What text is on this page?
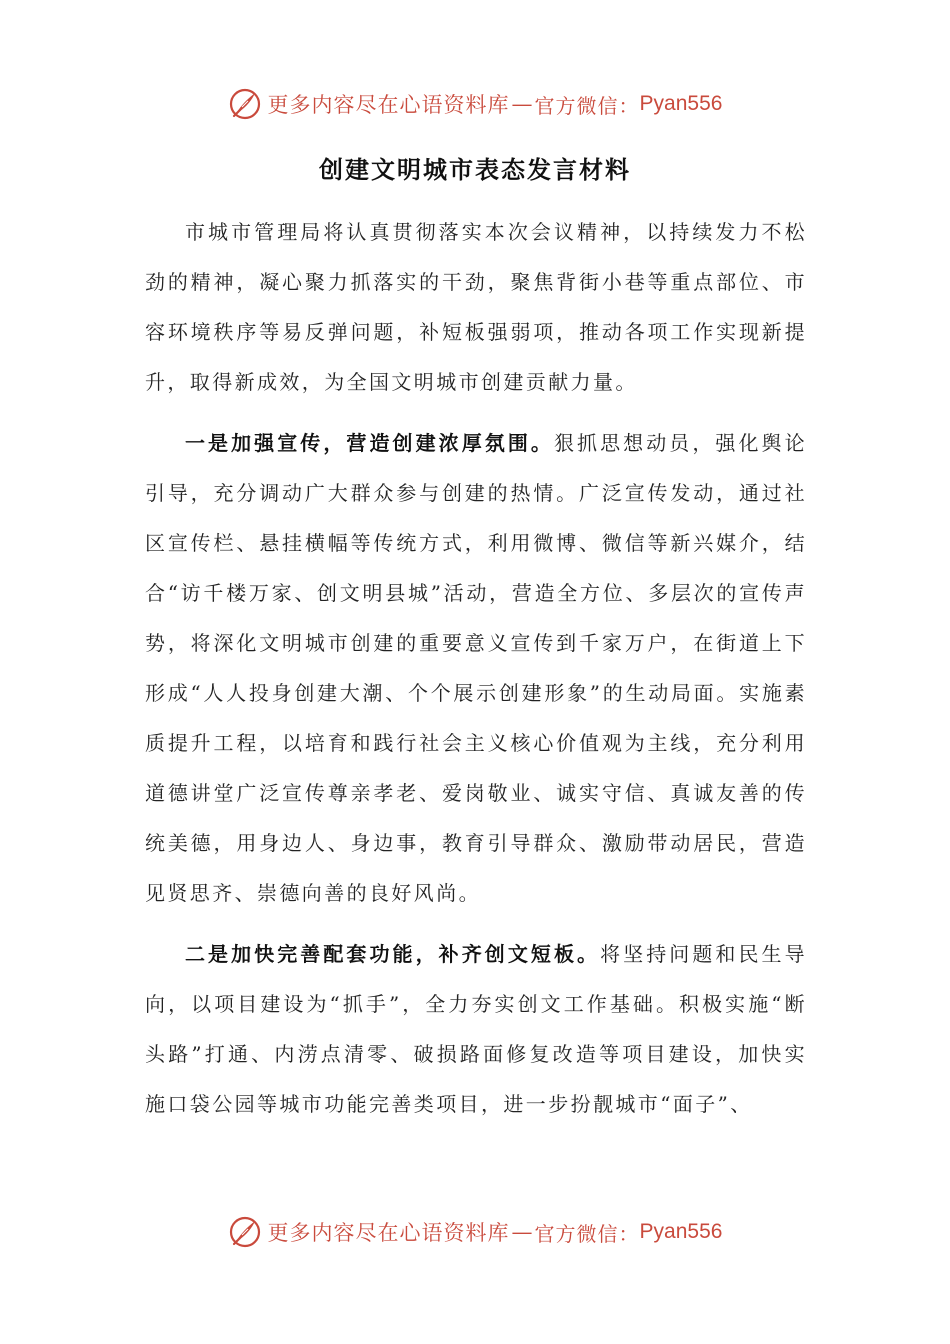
更多内容尽在心语资料库 — 官方微信： Pyan556
创建文明城市表态发言材料

市城市管理局将认真贯彻落实本次会议精神，以持续发力不松劲的精神，凝心聚力抓落实的干劲，聚焦背街小巷等重点部位、市容环境秩序等易反弹问题，补短板强弱项，推动各项工作实现新提升，取得新成效，为全国文明城市创建贡献力量。

一是加强宣传，营造创建浓厚氛围。狠抓思想动员，强化舆论引导，充分调动广大群众参与创建的热情。广泛宣传发动，通过社区宣传栏、悬挂横幅等传统方式，利用微博、微信等新兴媒介，结合“访千楼万家、创文明县城”活动，营造全方位、多层次的宣传声势，将深化文明城市创建的重要意义宣传到千家万户，在街道上下形成“人人投身创建大潮、个个展示创建形象”的生动局面。实施素质提升工程，以培育和践行社会主义核心价值观为主线，充分利用道德讲堂广泛宣传尊亲孝老、爱岗敬业、诚实守信、真诚友善的传统美德，用身边人、身边事，教育引导群众、激励带动居民，营造见贤思齐、崇德向善的良好风尚。

二是加快完善配套功能，补齐创文短板。将坚持问题和民生导向，以项目建设为“抓手”，全力夯实创文工作基础。积极实施“断头路”打通、内涝点清零、破损路面修复改造等项目建设，加快实施口袋公园等城市功能完善类项目，进一步扮靓城市“面子”、

更多内容尽在心语资料库 — 官方微信： Pyan556
